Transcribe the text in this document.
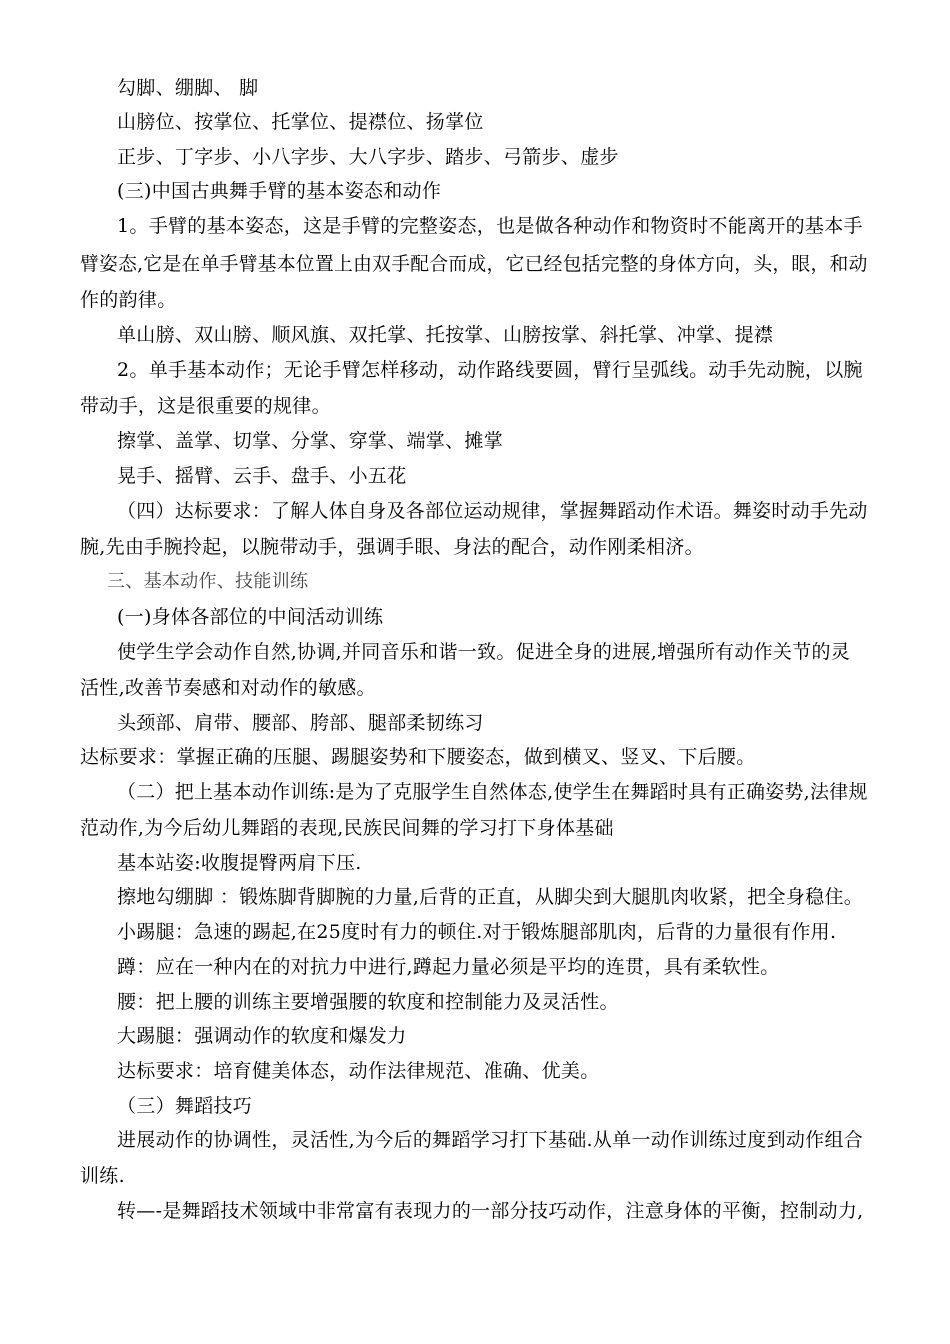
勾脚、绷脚、 脚
山膀位、按掌位、托掌位、提襟位、扬掌位
正步、丁字步、小八字步、大八字步、踏步、弓箭步、虚步
(三)中国古典舞手臂的基本姿态和动作
1。手臂的基本姿态，这是手臂的完整姿态，也是做各种动作和物资时不能离开的基本手
臂姿态,它是在单手臂基本位置上由双手配合而成，它已经包括完整的身体方向，头，眼，和动
作的韵律。
单山膀、双山膀、顺风旗、双托掌、托按掌、山膀按掌、斜托掌、冲掌、提襟
2。单手基本动作；无论手臂怎样移动，动作路线要圆，臂行呈弧线。动手先动腕，以腕
带动手，这是很重要的规律。
擦掌、盖掌、切掌、分掌、穿掌、端掌、摊掌
晃手、摇臂、云手、盘手、小五花
（四）达标要求：了解人体自身及各部位运动规律，掌握舞蹈动作术语。舞姿时动手先动
腕,先由手腕拎起，以腕带动手，强调手眼、身法的配合，动作刚柔相济。
三、基本动作、技能训练
(一)身体各部位的中间活动训练
使学生学会动作自然,协调,并同音乐和谐一致。促进全身的进展,增强所有动作关节的灵
活性,改善节奏感和对动作的敏感。
头颈部、肩带、腰部、胯部、腿部柔韧练习
达标要求：掌握正确的压腿、踢腿姿势和下腰姿态，做到横叉、竖叉、下后腰。
（二）把上基本动作训练:是为了克服学生自然体态,使学生在舞蹈时具有正确姿势,法律规
范动作,为今后幼儿舞蹈的表现,民族民间舞的学习打下身体基础
基本站姿:收腹提臀两肩下压.
擦地勾绷脚 ：锻炼脚背脚腕的力量,后背的正直，从脚尖到大腿肌肉收紧，把全身稳住。
小踢腿：急速的踢起,在25度时有力的顿住.对于锻炼腿部肌肉，后背的力量很有作用.
蹲：应在一种内在的对抗力中进行,蹲起力量必须是平均的连贯，具有柔软性。
腰：把上腰的训练主要增强腰的软度和控制能力及灵活性。
大踢腿：强调动作的软度和爆发力
达标要求：培育健美体态，动作法律规范、准确、优美。
（三）舞蹈技巧
进展动作的协调性，灵活性,为今后的舞蹈学习打下基础.从单一动作训练过度到动作组合
训练.
转—-是舞蹈技术领域中非常富有表现力的一部分技巧动作，注意身体的平衡，控制动力,
